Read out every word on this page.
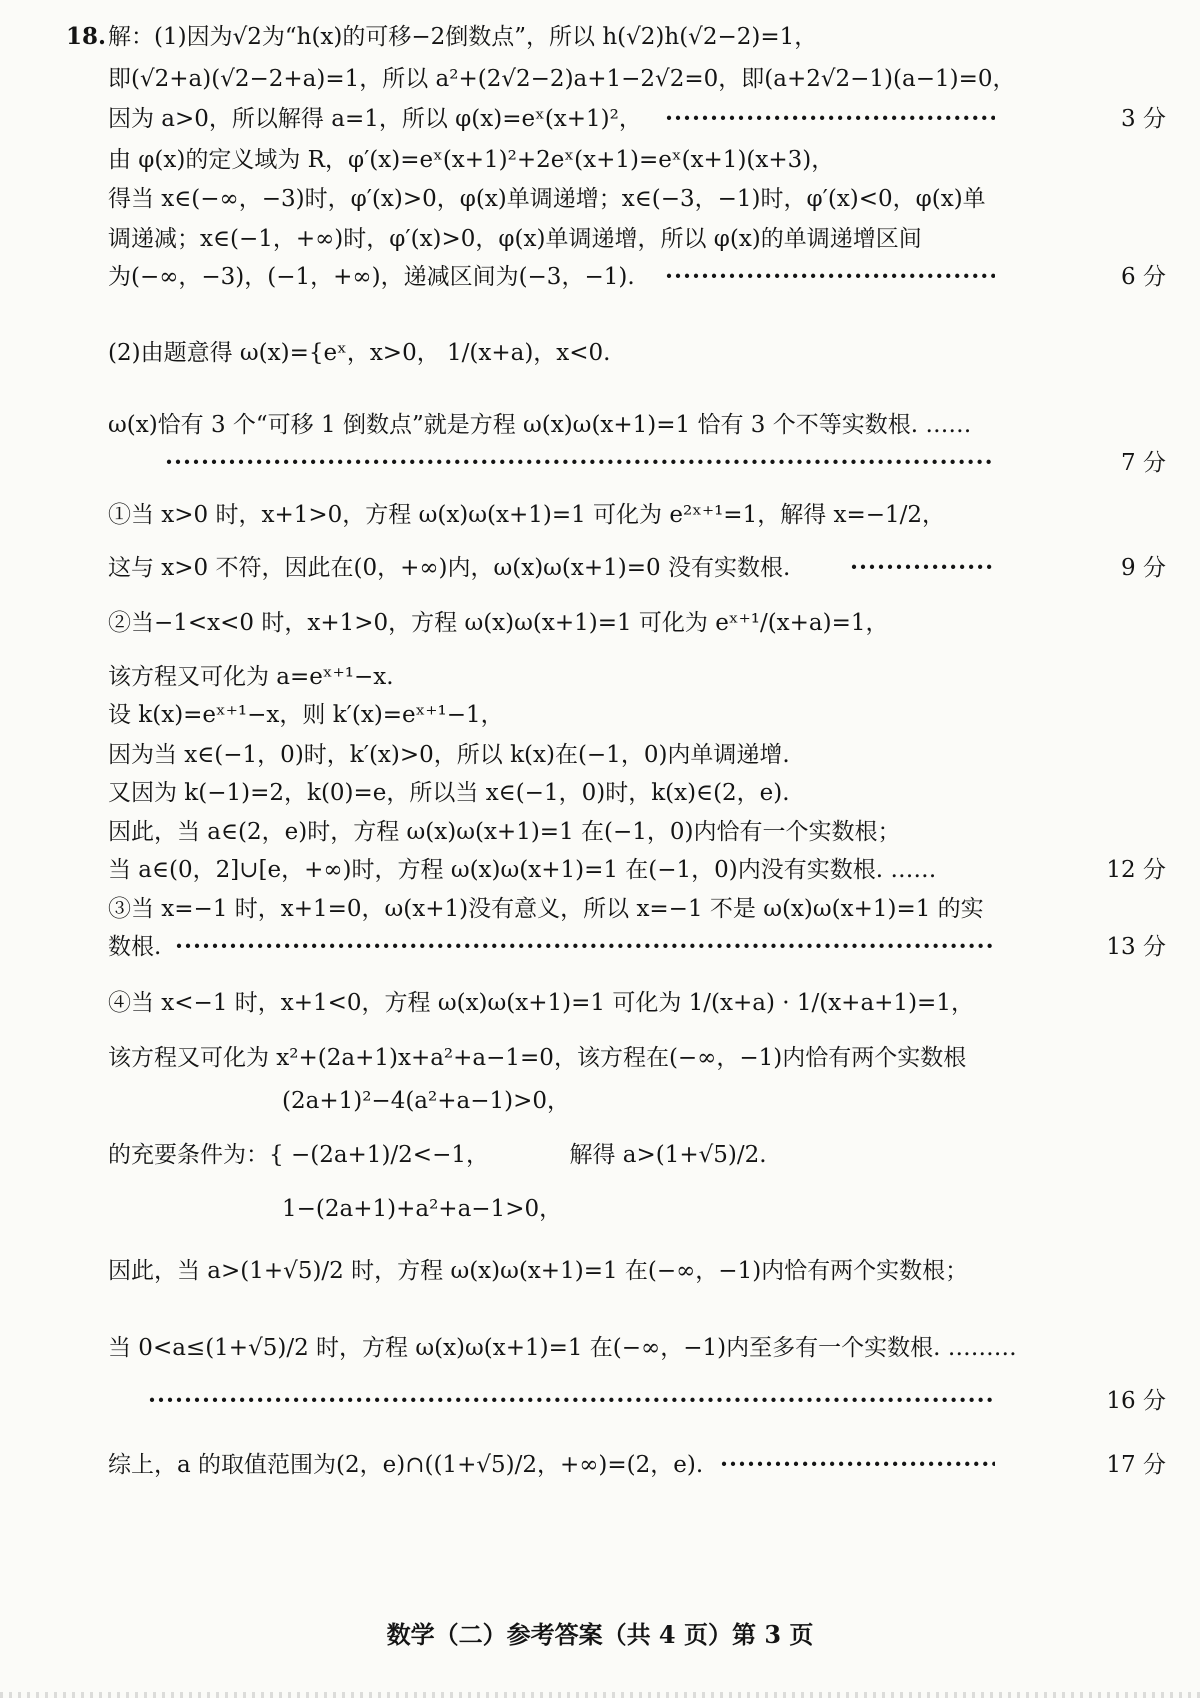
18. 解：(1)因为√2为“h(x)的可移−2倒数点”，所以 h(√2)h(√2−2)=1，
即(√2+a)(√2−2+a)=1，所以 a²+(2√2−2)a+1−2√2=0，即(a+2√2−1)(a−1)=0，
因为 a>0，所以解得 a=1，所以 φ(x)=eˣ(x+1)²， ·····	3 分
由 φ(x)的定义域为 R，φ′(x)=eˣ(x+1)²+2eˣ(x+1)=eˣ(x+1)(x+3)，
得当 x∈(−∞，−3)时，φ′(x)>0，φ(x)单调递增；x∈(−3，−1)时，φ′(x)<0，φ(x)单
调递减；x∈(−1，+∞)时，φ′(x)>0，φ(x)单调递增，所以 φ(x)的单调递增区间
为(−∞，−3)，(−1，+∞)，递减区间为(−3，−1). ·····	6 分
(2)由题意得 ω(x)={eˣ，x>0， 1/(x+a)，x<0.
ω(x)恰有 3 个“可移 1 倒数点”就是方程 ω(x)ω(x+1)=1 恰有 3 个不等实数根. ……
·····
7 分
①当 x>0 时，x+1>0，方程 ω(x)ω(x+1)=1 可化为 e²ˣ⁺¹=1，解得 x=−1/2，
这与 x>0 不符，因此在(0，+∞)内，ω(x)ω(x+1)=0 没有实数根. ·····	9 分
②当−1<x<0 时，x+1>0，方程 ω(x)ω(x+1)=1 可化为 eˣ⁺¹/(x+a)=1，
该方程又可化为 a=eˣ⁺¹−x.
设 k(x)=eˣ⁺¹−x，则 k′(x)=eˣ⁺¹−1，
因为当 x∈(−1，0)时，k′(x)>0，所以 k(x)在(−1，0)内单调递增.
又因为 k(−1)=2，k(0)=e，所以当 x∈(−1，0)时，k(x)∈(2，e).
因此，当 a∈(2，e)时，方程 ω(x)ω(x+1)=1 在(−1，0)内恰有一个实数根；
当 a∈(0，2]∪[e，+∞)时，方程 ω(x)ω(x+1)=1 在(−1，0)内没有实数根. ……	12 分
③当 x=−1 时，x+1=0，ω(x+1)没有意义，所以 x=−1 不是 ω(x)ω(x+1)=1 的实
数根. ·····	13 分
④当 x<−1 时，x+1<0，方程 ω(x)ω(x+1)=1 可化为 1/(x+a) · 1/(x+a+1)=1，
该方程又可化为 x²+(2a+1)x+a²+a−1=0，该方程在(−∞，−1)内恰有两个实数根
(2a+1)²−4(a²+a−1)>0，
的充要条件为：{ −(2a+1)/2<−1，　　　　解得 a>(1+√5)/2.
1−(2a+1)+a²+a−1>0，
因此，当 a>(1+√5)/2 时，方程 ω(x)ω(x+1)=1 在(−∞，−1)内恰有两个实数根；
当 0<a≤(1+√5)/2 时，方程 ω(x)ω(x+1)=1 在(−∞，−1)内至多有一个实数根. ………
·····
16 分
综上，a 的取值范围为(2，e)∩((1+√5)/2，+∞)=(2，e). ·····	17 分
数学（二）参考答案（共 4 页）第 3 页
